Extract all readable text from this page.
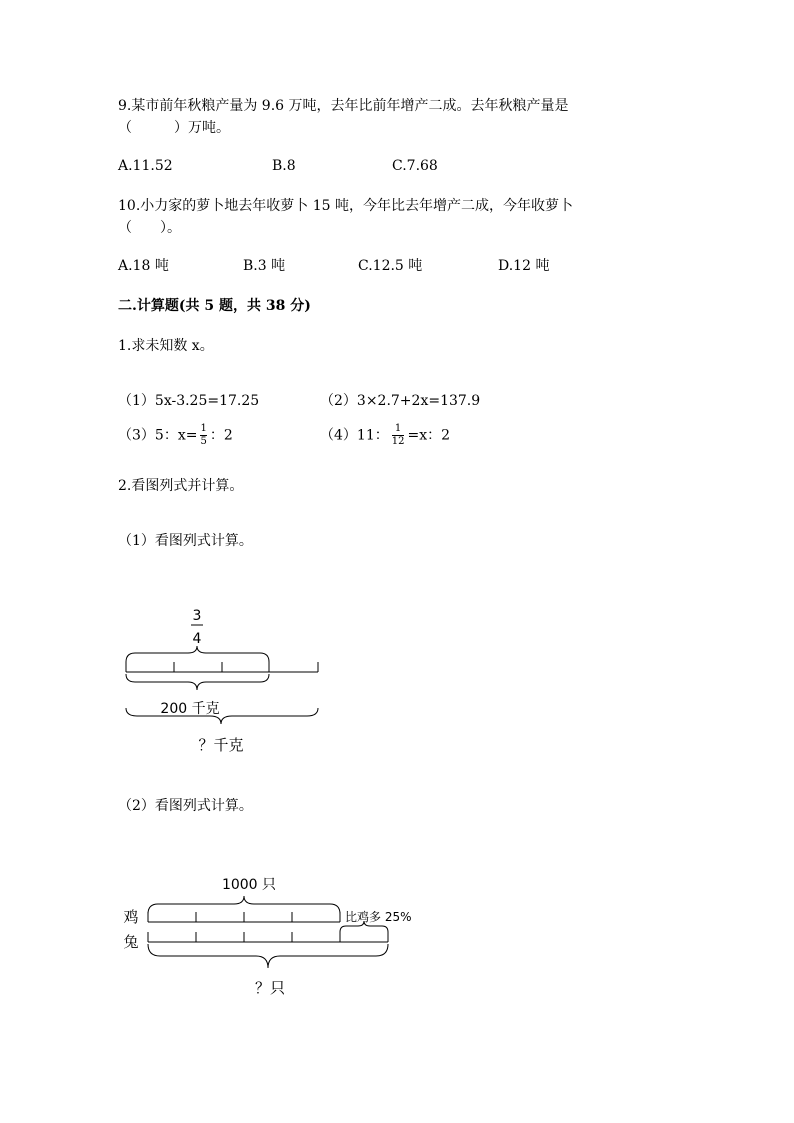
9.某市前年秋粮产量为 9.6 万吨，去年比前年增产二成。去年秋粮产量是
（　　　）万吨。
A.11.52	B.8	C.7.68
10.小力家的萝卜地去年收萝卜 15 吨，今年比去年增产二成，今年收萝卜
（　　）。
A.18 吨	B.3 吨	C.12.5 吨	D.12 吨
二.计算题(共 5 题，共 38 分)
1.求未知数 x。
（1）5x-3.25=17.25	（2）3×2.7+2x=137.9
（3）5：$x= \frac{1}{5}$ ：2	（4）11： $\frac{1}{12} =x$：2
2.看图列式并计算。
（1）看图列式计算。
3
4
200 千克
？千克
1000 只
鸡
兔
比鸡多 25%
？只
（2）看图列式计算。
